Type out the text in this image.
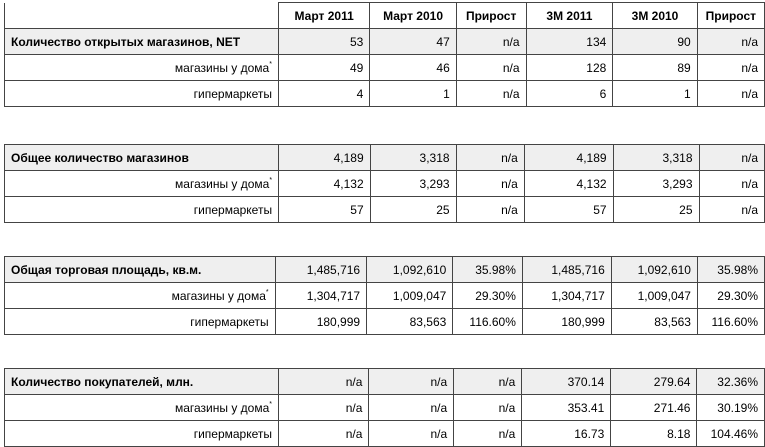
	Март 2011	Март 2010	Прирост	3М 2011	3М 2010	Прирост
Количество открытых магазинов, NET	53	47	n/a	134	90	n/a
магазины у дома*	49	46	n/a	128	89	n/a
гипермаркеты	4	1	n/a	6	1	n/a
Общее количество магазинов	4,189	3,318	n/a	4,189	3,318	n/a
магазины у дома*	4,132	3,293	n/a	4,132	3,293	n/a
гипермаркеты	57	25	n/a	57	25	n/a
Общая торговая площадь, кв.м.	1,485,716	1,092,610	35.98%	1,485,716	1,092,610	35.98%
магазины у дома*	1,304,717	1,009,047	29.30%	1,304,717	1,009,047	29.30%
гипермаркеты	180,999	83,563	116.60%	180,999	83,563	116.60%
Количество покупателей, млн.	n/a	n/a	n/a	370.14	279.64	32.36%
магазины у дома*	n/a	n/a	n/a	353.41	271.46	30.19%
гипермаркеты	n/a	n/a	n/a	16.73	8.18	104.46%
